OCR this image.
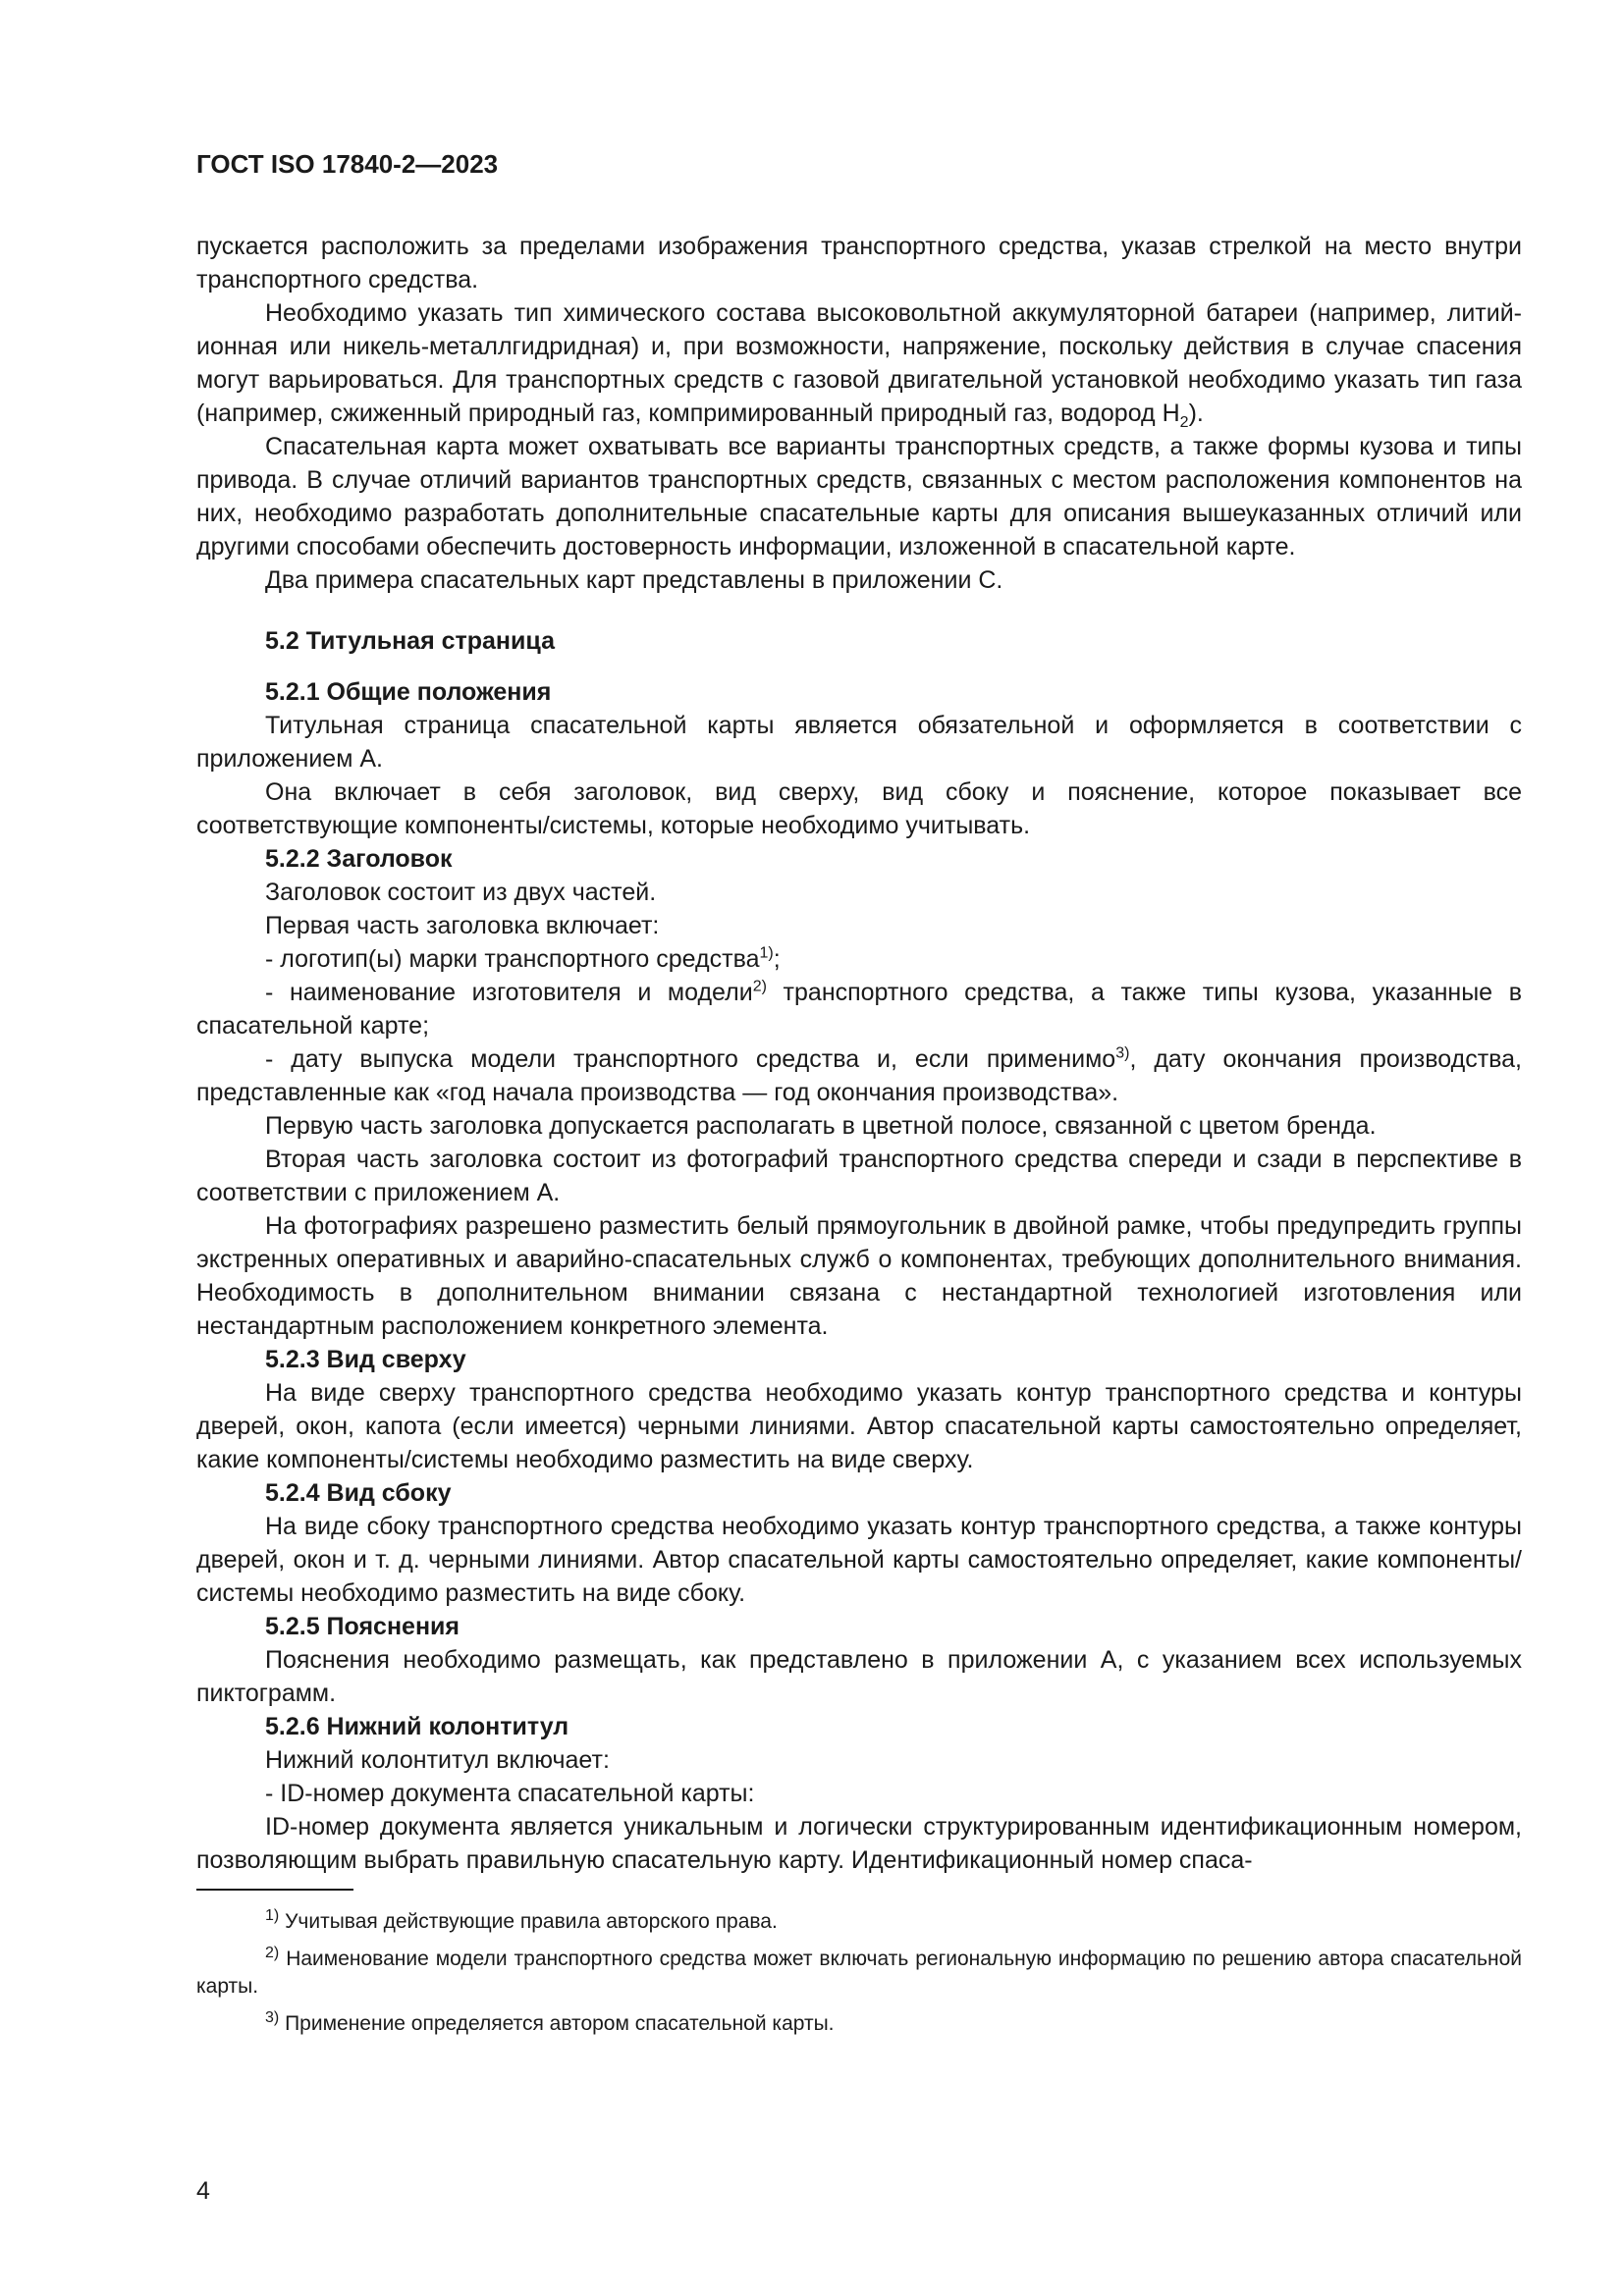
ГОСТ ISO 17840-2—2023

пускается расположить за пределами изображения транспортного средства, указав стрелкой на место внутри транспортного средства.

Необходимо указать тип химического состава высоковольтной аккумуляторной батареи (например, литий-ионная или никель-металлгидридная) и, при возможности, напряжение, поскольку действия в случае спасения могут варьироваться. Для транспортных средств с газовой двигательной установкой необходимо указать тип газа (например, сжиженный природный газ, компримированный природный газ, водород $H_2$).

Спасательная карта может охватывать все варианты транспортных средств, а также формы кузова и типы привода. В случае отличий вариантов транспортных средств, связанных с местом расположения компонентов на них, необходимо разработать дополнительные спасательные карты для описания вышеуказанных отличий или другими способами обеспечить достоверность информации, изложенной в спасательной карте.

Два примера спасательных карт представлены в приложении С.

5.2 Титульная страница
5.2.1 Общие положения

Титульная страница спасательной карты является обязательной и оформляется в соответствии с приложением А.

Она включает в себя заголовок, вид сверху, вид сбоку и пояснение, которое показывает все соответствующие компоненты/системы, которые необходимо учитывать.

5.2.2 Заголовок

Заголовок состоит из двух частей.

Первая часть заголовка включает:

- логотип(ы) марки транспортного средства$^{1)}$;

- наименование изготовителя и модели$^{2)}$ транспортного средства, а также типы кузова, указанные в спасательной карте;

- дату выпуска модели транспортного средства и, если применимо$^{3)}$, дату окончания производства, представленные как «год начала производства — год окончания производства».

Первую часть заголовка допускается располагать в цветной полосе, связанной с цветом бренда.

Вторая часть заголовка состоит из фотографий транспортного средства спереди и сзади в перспективе в соответствии с приложением А.

На фотографиях разрешено разместить белый прямоугольник в двойной рамке, чтобы предупредить группы экстренных оперативных и аварийно-спасательных служб о компонентах, требующих дополнительного внимания. Необходимость в дополнительном внимании связана с нестандартной технологией изготовления или нестандартным расположением конкретного элемента.

5.2.3 Вид сверху

На виде сверху транспортного средства необходимо указать контур транспортного средства и контуры дверей, окон, капота (если имеется) черными линиями. Автор спасательной карты самостоятельно определяет, какие компоненты/системы необходимо разместить на виде сверху.

5.2.4 Вид сбоку

На виде сбоку транспортного средства необходимо указать контур транспортного средства, а также контуры дверей, окон и т. д. черными линиями. Автор спасательной карты самостоятельно определяет, какие компоненты/системы необходимо разместить на виде сбоку.

5.2.5 Пояснения

Пояснения необходимо размещать, как представлено в приложении А, с указанием всех используемых пиктограмм.

5.2.6 Нижний колонтитул

Нижний колонтитул включает:

- ID-номер документа спасательной карты:

ID-номер документа является уникальным и логически структурированным идентификационным номером, позволяющим выбрать правильную спасательную карту. Идентификационный номер спаса-

$^{1)}$ Учитывая действующие правила авторского права.

$^{2)}$ Наименование модели транспортного средства может включать региональную информацию по решению автора спасательной карты.

$^{3)}$ Применение определяется автором спасательной карты.

4
